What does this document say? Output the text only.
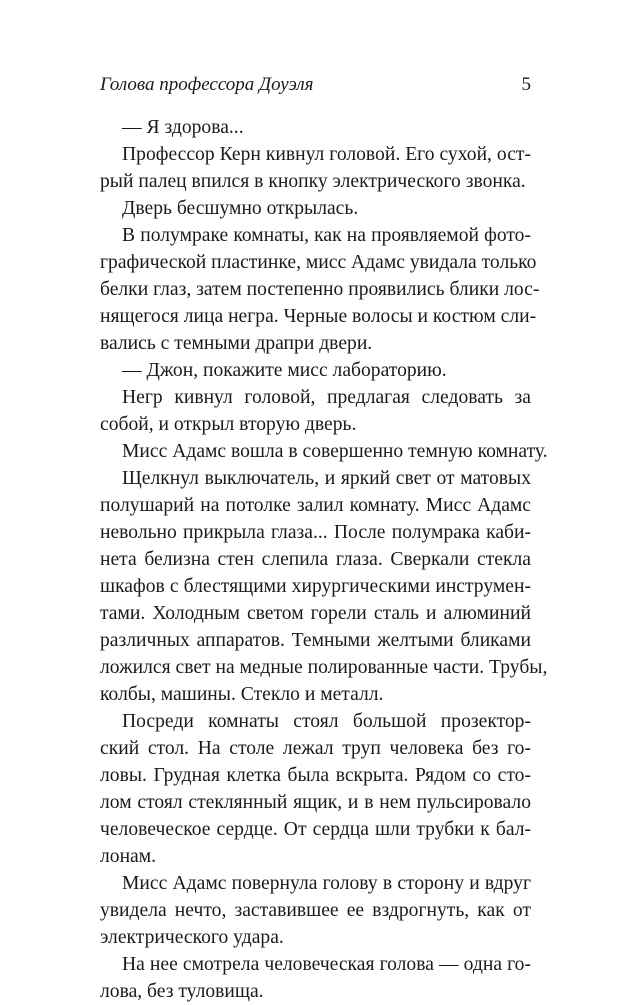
Голова профессора Доуэля	5
— Я здорова...
Профессор Керн кивнул головой. Его сухой, ост-
рый палец впился в кнопку электрического звонка.
Дверь бесшумно открылась.
В полумраке комнаты, как на проявляемой фото-
графической пластинке, мисс Адамс увидала только
белки глаз, затем постепенно проявились блики лос-
нящегося лица негра. Черные волосы и костюм сли-
вались с темными драпри двери.
— Джон, покажите мисс лабораторию.
Негр кивнул головой, предлагая следовать за
собой, и открыл вторую дверь.
Мисс Адамс вошла в совершенно темную комнату.
Щелкнул выключатель, и яркий свет от матовых
полушарий на потолке залил комнату. Мисс Адамс
невольно прикрыла глаза... После полумрака каби-
нета белизна стен слепила глаза. Сверкали стекла
шкафов с блестящими хирургическими инструмен-
тами. Холодным светом горели сталь и алюминий
различных аппаратов. Темными желтыми бликами
ложился свет на медные полированные части. Трубы,
колбы, машины. Стекло и металл.
Посреди комнаты стоял большой прозектор-
ский стол. На столе лежал труп человека без го-
ловы. Грудная клетка была вскрыта. Рядом со сто-
лом стоял стеклянный ящик, и в нем пульсировало
человеческое сердце. От сердца шли трубки к бал-
лонам.
Мисс Адамс повернула голову в сторону и вдруг
увидела нечто, заставившее ее вздрогнуть, как от
электрического удара.
На нее смотрела человеческая голова — одна го-
лова, без туловища.
